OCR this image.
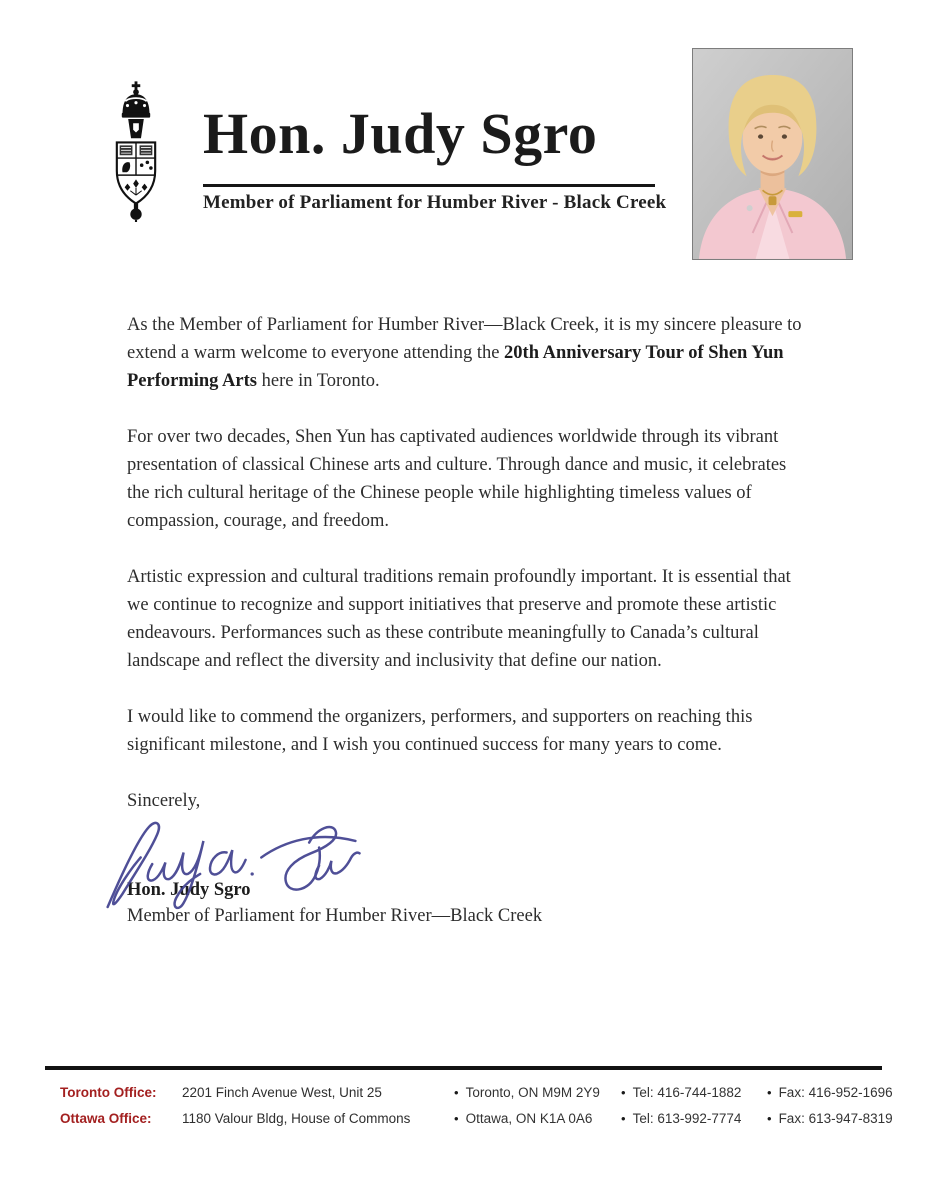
Hon. Judy Sgro
Member of Parliament for Humber River - Black Creek

As the Member of Parliament for Humber River—Black Creek, it is my sincere pleasure to extend a warm welcome to everyone attending the 20th Anniversary Tour of Shen Yun Performing Arts here in Toronto.

For over two decades, Shen Yun has captivated audiences worldwide through its vibrant presentation of classical Chinese arts and culture. Through dance and music, it celebrates the rich cultural heritage of the Chinese people while highlighting timeless values of compassion, courage, and freedom.

Artistic expression and cultural traditions remain profoundly important. It is essential that we continue to recognize and support initiatives that preserve and promote these artistic endeavours. Performances such as these contribute meaningfully to Canada’s cultural landscape and reflect the diversity and inclusivity that define our nation.

I would like to commend the organizers, performers, and supporters on reaching this significant milestone, and I wish you continued success for many years to come.

Sincerely,

Hon. Judy Sgro
Member of Parliament for Humber River—Black Creek
Toronto Office:	2201 Finch Avenue West, Unit 25	• Toronto, ON M9M 2Y9 • Tel: 416-744-1882 • Fax: 416-952-1696
Ottawa Office:	1180 Valour Bldg, House of Commons	• Ottawa, ON K1A 0A6 • Tel: 613-992-7774 • Fax: 613-947-8319
